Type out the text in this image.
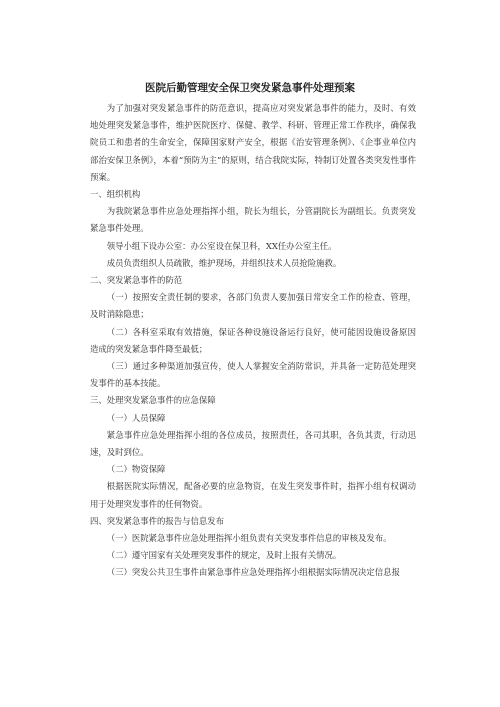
医院后勤管理安全保卫突发紧急事件处理预案

为了加强对突发紧急事件的防范意识，提高应对突发紧急事件的能力，及时、有效地处理突发紧急事件，维护医院医疗、保健、教学、科研、管理正常工作秩序，确保我院员工和患者的生命安全，保障国家财产安全，根据《治安管理条例》、《企事业单位内部治安保卫条例》，本着“预防为主”的原则，结合我院实际，特制订处置各类突发性事件预案。

一、组织机构

为我院紧急事件应急处理指挥小组，院长为组长，分管副院长为副组长。负责突发紧急事件处理。

领导小组下设办公室：办公室设在保卫科，XX任办公室主任。

成员负责组织人员疏散，维护现场，并组织技术人员抢险施救。

二、突发紧急事件的防范

（一）按照安全责任制的要求，各部门负责人要加强日常安全工作的检查、管理，及时消除隐患；

（二）各科室采取有效措施，保证各种设施设备运行良好，使可能因设施设备原因造成的突发紧急事件降至最低；

（三）通过多种渠道加强宣传，使人人掌握安全消防常识，并具备一定防范处理突发事件的基本技能。

三、处理突发紧急事件的应急保障

（一）人员保障

紧急事件应急处理指挥小组的各位成员，按照责任，各司其职，各负其责，行动迅速，及时到位。

（二）物资保障

根据医院实际情况，配备必要的应急物资，在发生突发事件时，指挥小组有权调动用于处理突发事件的任何物资。

四、突发紧急事件的报告与信息发布

（一）医院紧急事件应急处理指挥小组负责有关突发事件信息的审核及发布。

（二）遵守国家有关处理突发事件的规定，及时上报有关情况。

（三）突发公共卫生事件由紧急事件应急处理指挥小组根据实际情况决定信息报
